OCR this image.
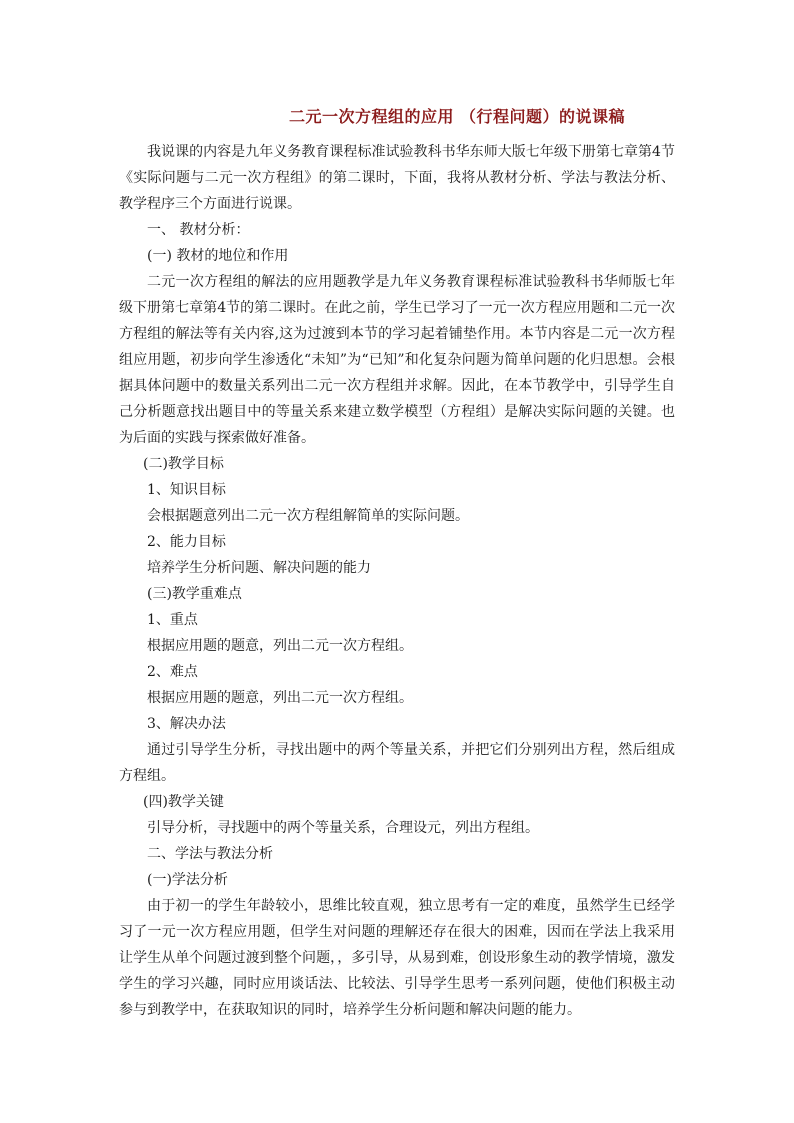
二元一次方程组的应用 （行程问题）的说课稿

我说课的内容是九年义务教育课程标准试验教科书华东师大版七年级下册第七章第4节《实际问题与二元一次方程组》的第二课时，下面，我将从教材分析、学法与教法分析、教学程序三个方面进行说课。

一、 教材分析：

(一) 教材的地位和作用

二元一次方程组的解法的应用题教学是九年义务教育课程标准试验教科书华师版七年级下册第七章第4节的第二课时。在此之前，学生已学习了一元一次方程应用题和二元一次方程组的解法等有关内容,这为过渡到本节的学习起着铺垫作用。本节内容是二元一次方程组应用题，初步向学生渗透化“未知”为“已知”和化复杂问题为简单问题的化归思想。会根据具体问题中的数量关系列出二元一次方程组并求解。因此，在本节教学中，引导学生自己分析题意找出题目中的等量关系来建立数学模型（方程组）是解决实际问题的关键。也为后面的实践与探索做好准备。

(二)教学目标

1、知识目标

会根据题意列出二元一次方程组解简单的实际问题。

2、能力目标

培养学生分析问题、解决问题的能力

(三)教学重难点

1、重点

根据应用题的题意，列出二元一次方程组。

2、难点

根据应用题的题意，列出二元一次方程组。

3、解决办法

通过引导学生分析，寻找出题中的两个等量关系，并把它们分别列出方程，然后组成方程组。

(四)教学关键

引导分析，寻找题中的两个等量关系，合理设元，列出方程组。

二、学法与教法分析

(一)学法分析

由于初一的学生年龄较小，思维比较直观，独立思考有一定的难度，虽然学生已经学习了一元一次方程应用题，但学生对问题的理解还存在很大的困难，因而在学法上我采用让学生从单个问题过渡到整个问题，，多引导，从易到难，创设形象生动的教学情境，激发学生的学习兴趣，同时应用谈话法、比较法、引导学生思考一系列问题，使他们积极主动参与到教学中，在获取知识的同时，培养学生分析问题和解决问题的能力。
